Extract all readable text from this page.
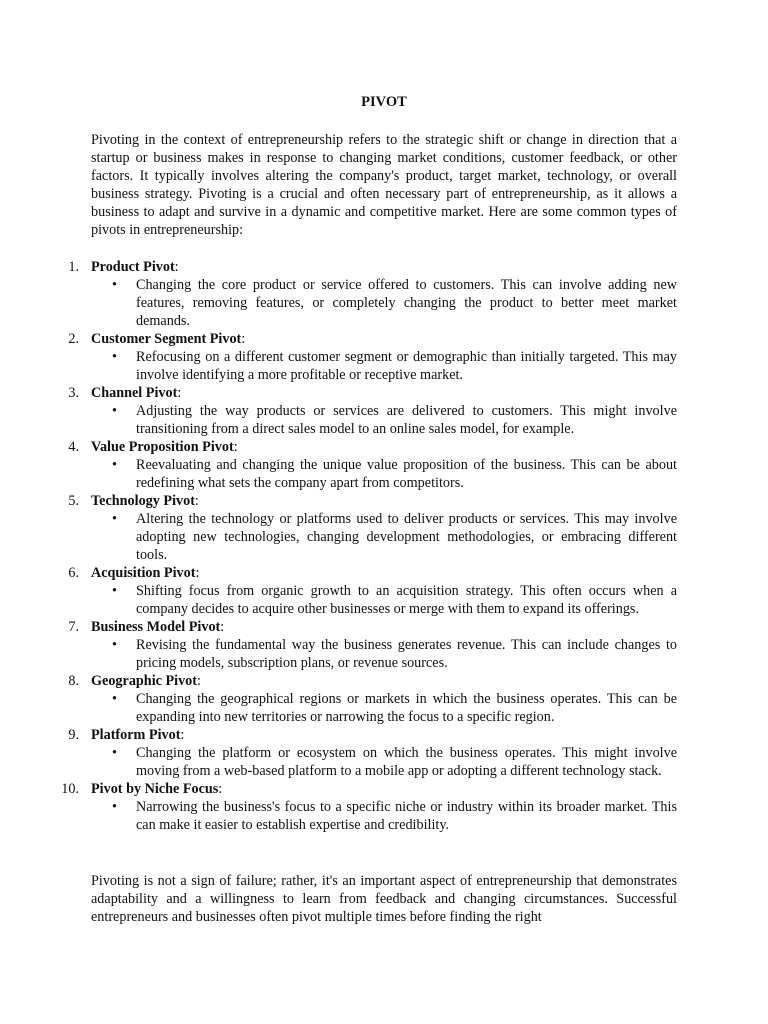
PIVOT

Pivoting in the context of entrepreneurship refers to the strategic shift or change in direction that a startup or business makes in response to changing market conditions, customer feedback, or other factors. It typically involves altering the company's product, target market, technology, or overall business strategy. Pivoting is a crucial and often necessary part of entrepreneurship, as it allows a business to adapt and survive in a dynamic and competitive market. Here are some common types of pivots in entrepreneurship:

1. Product Pivot:
• Changing the core product or service offered to customers. This can involve adding new features, removing features, or completely changing the product to better meet market demands.
2. Customer Segment Pivot:
• Refocusing on a different customer segment or demographic than initially targeted. This may involve identifying a more profitable or receptive market.
3. Channel Pivot:
• Adjusting the way products or services are delivered to customers. This might involve transitioning from a direct sales model to an online sales model, for example.
4. Value Proposition Pivot:
• Reevaluating and changing the unique value proposition of the business. This can be about redefining what sets the company apart from competitors.
5. Technology Pivot:
• Altering the technology or platforms used to deliver products or services. This may involve adopting new technologies, changing development methodologies, or embracing different tools.
6. Acquisition Pivot:
• Shifting focus from organic growth to an acquisition strategy. This often occurs when a company decides to acquire other businesses or merge with them to expand its offerings.
7. Business Model Pivot:
• Revising the fundamental way the business generates revenue. This can include changes to pricing models, subscription plans, or revenue sources.
8. Geographic Pivot:
• Changing the geographical regions or markets in which the business operates. This can be expanding into new territories or narrowing the focus to a specific region.
9. Platform Pivot:
• Changing the platform or ecosystem on which the business operates. This might involve moving from a web-based platform to a mobile app or adopting a different technology stack.
10. Pivot by Niche Focus:
• Narrowing the business's focus to a specific niche or industry within its broader market. This can make it easier to establish expertise and credibility.

Pivoting is not a sign of failure; rather, it's an important aspect of entrepreneurship that demonstrates adaptability and a willingness to learn from feedback and changing circumstances. Successful entrepreneurs and businesses often pivot multiple times before finding the right
